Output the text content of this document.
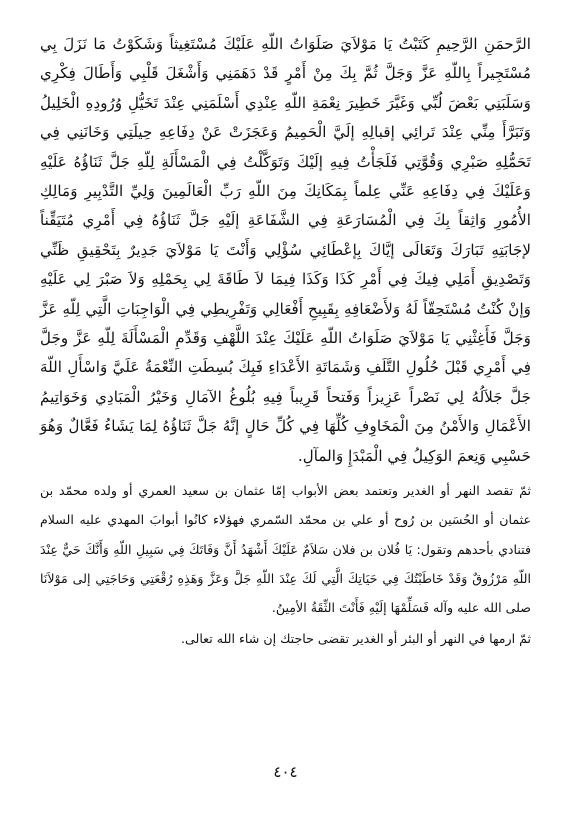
الرَّحمَنِ الرَّحِيمِ كَتَبْتُ يَا مَوْلاَيَ صَلَوَاتُ اللّهِ عَلَيْكَ مُسْتَغِيثاً وَشَكَوْتُ مَا نَزَلَ بِي مُسْتَجِيراً بِاللّهِ عَزَّ وَجَلَّ ثُمَّ بِكَ مِنْ أَمْرٍ قَدْ دَهَمَنِي وَأَشْغَلَ قَلْبِي وَأَطَالَ فِكْرِي وَسَلَبَنِي بَعْضَ لُبِّي وَغَيَّرَ خَطِيرَ نِعْمَةِ اللّهِ عِنْدِي أَسْلَمَنِي عِنْدَ تَخَيُّلِ وُرُودِهِ الْخَلِيلُ وَتَبَرَّأَ مِنِّي عِنْدَ تَرائِي إقبالِهِ إلَيَّ الْحَمِيمُ وَعَجَزَتْ عَنْ دِفَاعِهِ حِيلَتِي وَخَانَنِي فِي تَحَمُّلِهِ صَبْرِي وَقُوَّتِي فَلَجَأْتُ فِيهِ إلَيْكَ وَتَوَكَّلْتُ فِي الْمَسْأَلَةِ لِلّهِ جَلَّ ثَنَاؤُهُ عَلَيْهِ وَعَلَيْكَ فِي دِفَاعِهِ عَنِّي عِلماً بِمَكَانِكَ مِنَ اللّهِ رَبِّ الْعَالَمِينَ وَلِيِّ التَّدْبِيرِ وَمَالِكِ الأُمُورِ وَاثِقاً بِكَ فِي الْمُسَارَعَةِ فِي الشَّفَاعَةِ إلَيْهِ جَلَّ ثَنَاؤُهُ فِي أَمْرِي مُتَيَقِّناً لإجَابَتِهِ تَبَارَكَ وَتَعَالَى إيَّاكَ بِإعْطَائِي سُؤْلِي وَأَنْتَ يَا مَوْلاَيَ جَدِيرٌ بِتَحْقِيقِ ظَنِّي وَتَصْدِيقِ أَمَلِي فِيكَ فِي أَمْرِ كَذَا وَكَذَا فِيمَا لاَ طَاقَةَ لِي بِحَمْلِهِ وَلاَ صَبْرَ لِي عَلَيْهِ وَإنْ كُنْتُ مُسْتَحِقّاً لَهُ وَلأَضْعَافِهِ بِقَبِيحِ أَفْعَالِي وَتَفْرِيطِي فِي الْوَاجِبَاتِ الَّتِي لِلّهِ عَزَّ وَجَلَّ فَأَغِثْنِي يَا مَوْلاَيَ صَلَوَاتُ اللّهِ عَلَيْكَ عِنْدَ اللَّهْفِ وَقَدِّمِ الْمَسْأَلَةَ لِلّهِ عَزَّ وجَلَّ فِي أَمْرِي قَبْلَ حُلُولِ التَّلَفِ وَشَمَاتَةِ الأَعْدَاءِ فَبِكَ بُسِطَتِ النِّعْمَةُ عَلَيَّ وَاسْأَلِ اللّهَ جَلَّ جَلاَلُهُ لِي نَصْراً عَزِيزاً وَفَتحاً قَرِيباً فِيهِ بُلُوغُ الآمَالِ وَخَيْرُ الْمَبَادِي وَخَوَاتِيمُ الأَعْمَالِ وَالأَمْنُ مِنَ الْمَخَاوِفِ كُلِّهَا فِي كُلِّ حَالٍ إنَّهُ جَلَّ ثَنَاؤُهُ لِمَا يَشَاءُ فَعَّالٌ وَهُوَ حَسْبِي وَنِعمَ الوَكِيلُ فِي الْمَبْدَإِ وَالمآلِ.

ثمّ تقصد النهر أو الغدير وتعتمد بعض الأبواب إمّا عثمان بن سعيد العمري أو ولده محمّد بن عثمان أو الحُسَين بن رُوح أو علي بن محمّد السّمري فهؤلاء كانُوا أبوابَ المهدي عليه السلام فتنادي بأحدهم وتقول: يَا فُلان بن فلان سَلاَمٌ عَلَيْكَ أَشْهَدُ أَنَّ وَفَاتَكَ فِي سَبِيلِ اللّهِ وَأَنَّكَ حَيٌّ عِنْدَ اللّهِ مَرْزُوقٌ وَقَدْ خَاطَبْتُكَ فِي حَيَاتِكَ الَّتِي لَكَ عِنْدَ اللّهِ جَلَّ وَعَزَّ وَهَذِهِ رُقْعَتِي وَحَاجَتِي إلى مَوْلاَنَا صلى الله عليه وآله فَسَلِّمْهَا إلَيْهِ فَأَنْتَ الثِّقَةُ الأمِينُ.

ثمّ ارمها في النهر أو البئر أو الغدير تقضى حاجتك إن شاء الله تعالى.

٤٠٤
